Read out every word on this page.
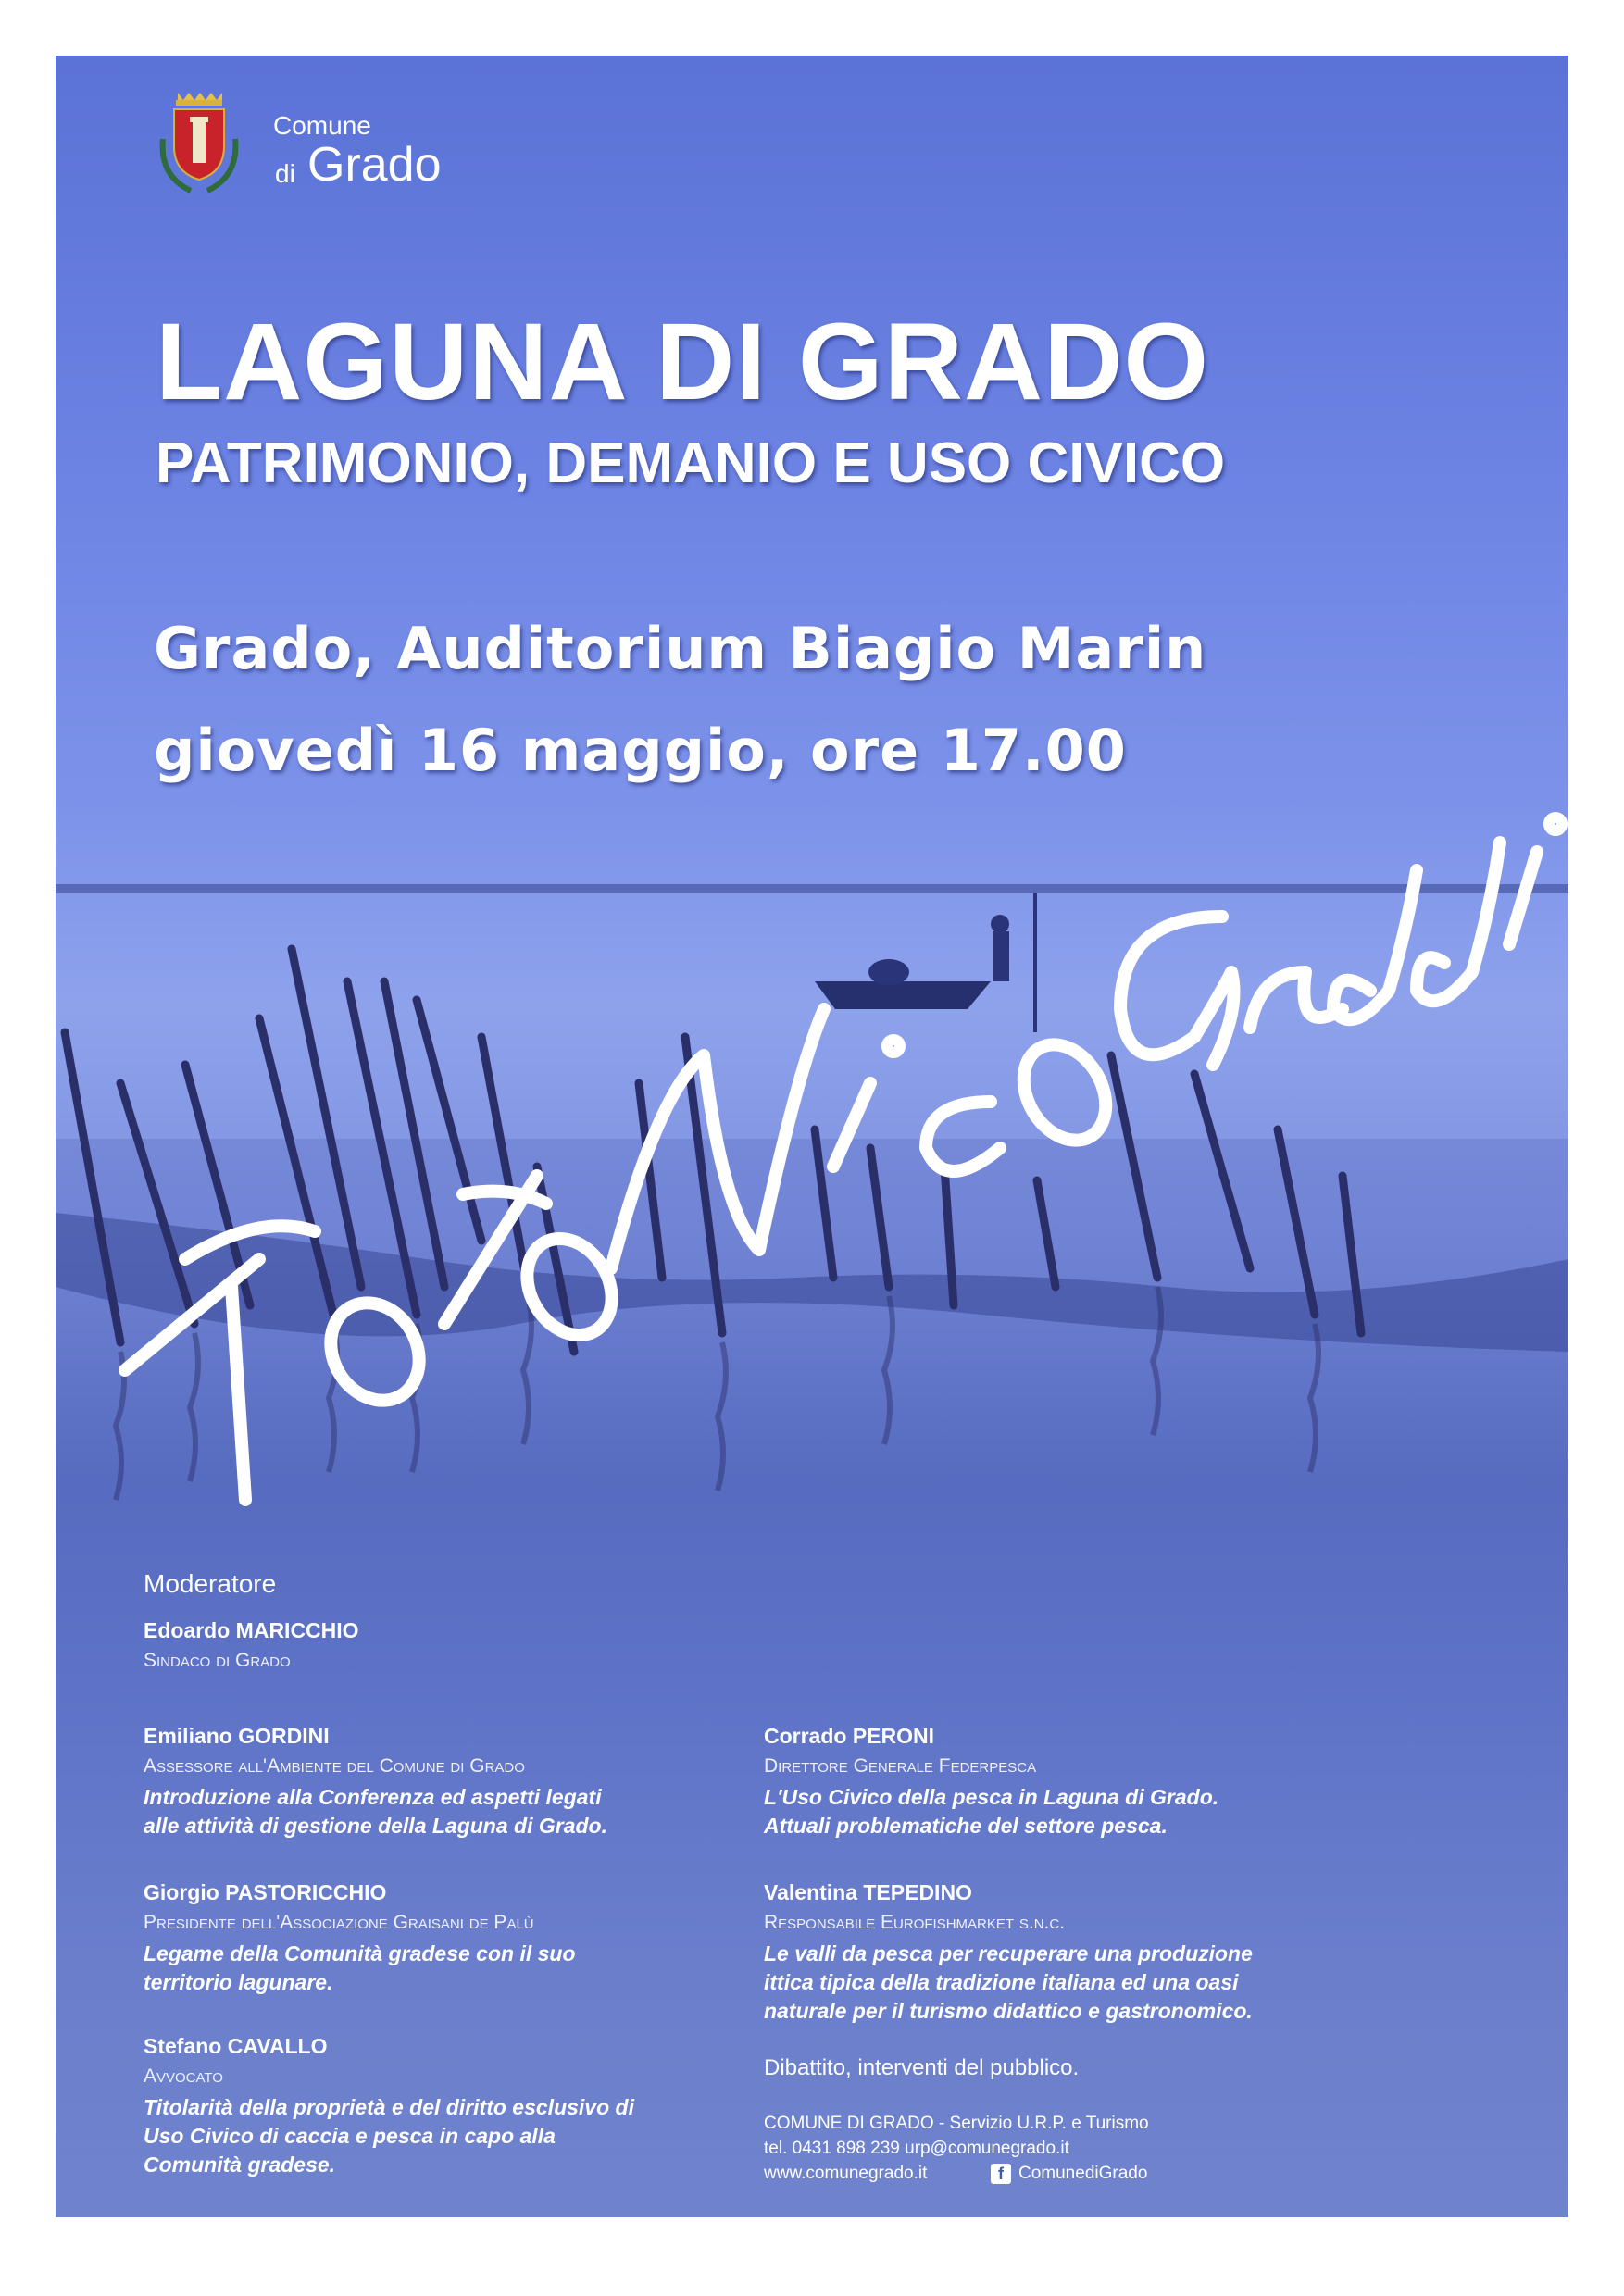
Comune
di Grado
LAGUNA DI GRADO
PATRIMONIO, DEMANIO E USO CIVICO
Grado, Auditorium Biagio Marin
giovedì 16 maggio, ore 17.00
Moderatore
Edoardo MARICCHIO
Sindaco di Grado
Emiliano GORDINI
Assessore all'Ambiente del Comune di Grado
Introduzione alla Conferenza ed aspetti legati
alle attività di gestione della Laguna di Grado.
Giorgio PASTORICCHIO
Presidente dell'Associazione Graisani de Palù
Legame della Comunità gradese con il suo
territorio lagunare.
Stefano CAVALLO
Avvocato
Titolarità della proprietà e del diritto esclusivo di
Uso Civico di caccia e pesca in capo alla
Comunità gradese.
Corrado PERONI
Direttore Generale Federpesca
L'Uso Civico della pesca in Laguna di Grado.
Attuali problematiche del settore pesca.
Valentina TEPEDINO
Responsabile Eurofishmarket s.n.c.
Le valli da pesca per recuperare una produzione
ittica tipica della tradizione italiana ed una oasi
naturale per il turismo didattico e gastronomico.
Dibattito, interventi del pubblico.
COMUNE DI GRADO - Servizio U.R.P. e Turismo
tel. 0431 898 239 urp@comunegrado.it
www.comunegrado.it	f ComunediGrado
